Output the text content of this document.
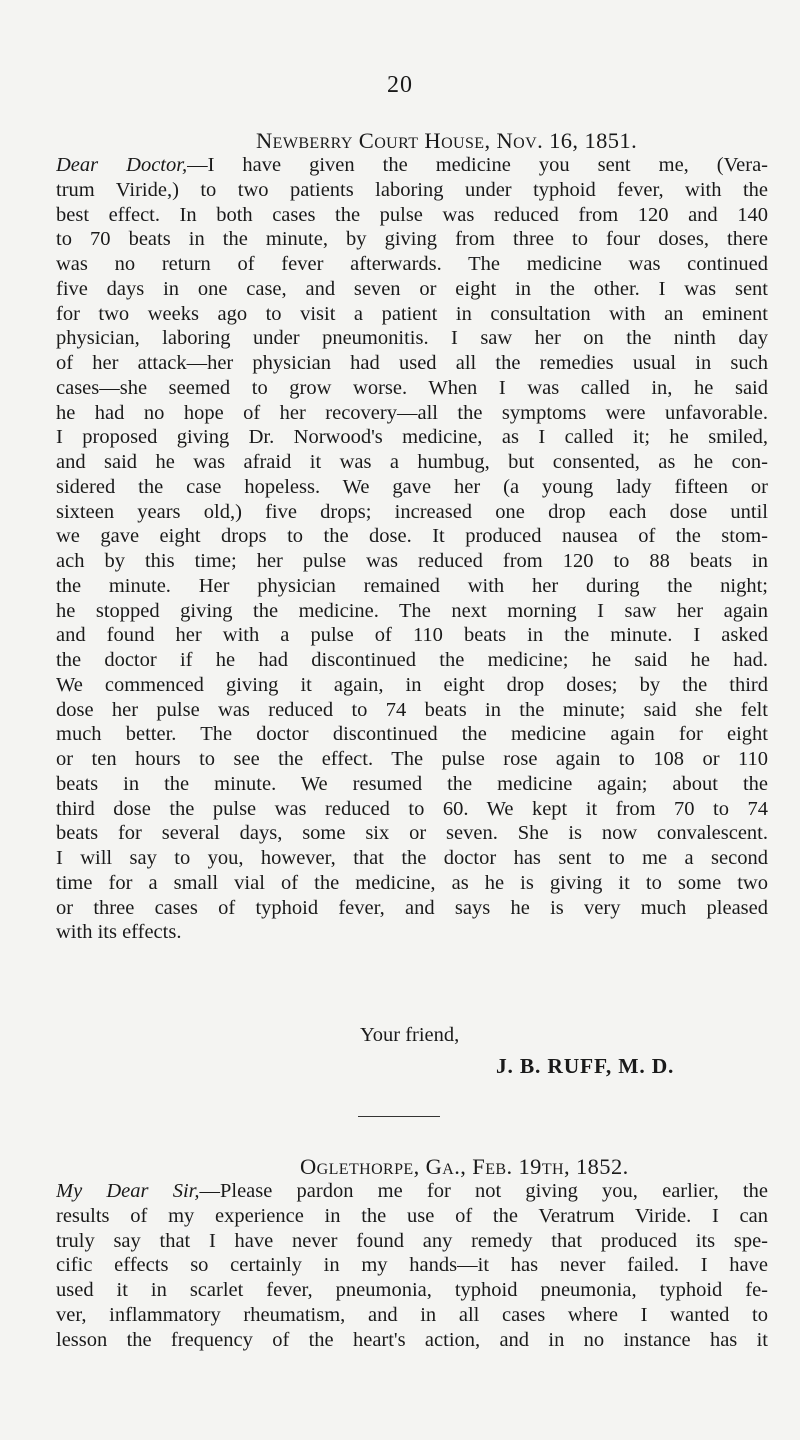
20
Newberry Court House, Nov. 16, 1851.
Dear Doctor,—I have given the medicine you sent me, (Vera-
trum Viride,) to two patients laboring under typhoid fever, with the
best effect. In both cases the pulse was reduced from 120 and 140
to 70 beats in the minute, by giving from three to four doses, there
was no return of fever afterwards. The medicine was continued
five days in one case, and seven or eight in the other. I was sent
for two weeks ago to visit a patient in consultation with an eminent
physician, laboring under pneumonitis. I saw her on the ninth day
of her attack—her physician had used all the remedies usual in such
cases—she seemed to grow worse. When I was called in, he said
he had no hope of her recovery—all the symptoms were unfavorable.
I proposed giving Dr. Norwood's medicine, as I called it; he smiled,
and said he was afraid it was a humbug, but consented, as he con-
sidered the case hopeless. We gave her (a young lady fifteen or
sixteen years old,) five drops; increased one drop each dose until
we gave eight drops to the dose. It produced nausea of the stom-
ach by this time; her pulse was reduced from 120 to 88 beats in
the minute. Her physician remained with her during the night;
he stopped giving the medicine. The next morning I saw her again
and found her with a pulse of 110 beats in the minute. I asked
the doctor if he had discontinued the medicine; he said he had.
We commenced giving it again, in eight drop doses; by the third
dose her pulse was reduced to 74 beats in the minute; said she felt
much better. The doctor discontinued the medicine again for eight
or ten hours to see the effect. The pulse rose again to 108 or 110
beats in the minute. We resumed the medicine again; about the
third dose the pulse was reduced to 60. We kept it from 70 to 74
beats for several days, some six or seven. She is now convalescent.
I will say to you, however, that the doctor has sent to me a second
time for a small vial of the medicine, as he is giving it to some two
or three cases of typhoid fever, and says he is very much pleased
with its effects.
Your friend,
J. B. RUFF, M. D.
Oglethorpe, Ga., Feb. 19th, 1852.
My Dear Sir,—Please pardon me for not giving you, earlier, the
results of my experience in the use of the Veratrum Viride. I can
truly say that I have never found any remedy that produced its spe-
cific effects so certainly in my hands—it has never failed. I have
used it in scarlet fever, pneumonia, typhoid pneumonia, typhoid fe-
ver, inflammatory rheumatism, and in all cases where I wanted to
lesson the frequency of the heart's action, and in no instance has it
